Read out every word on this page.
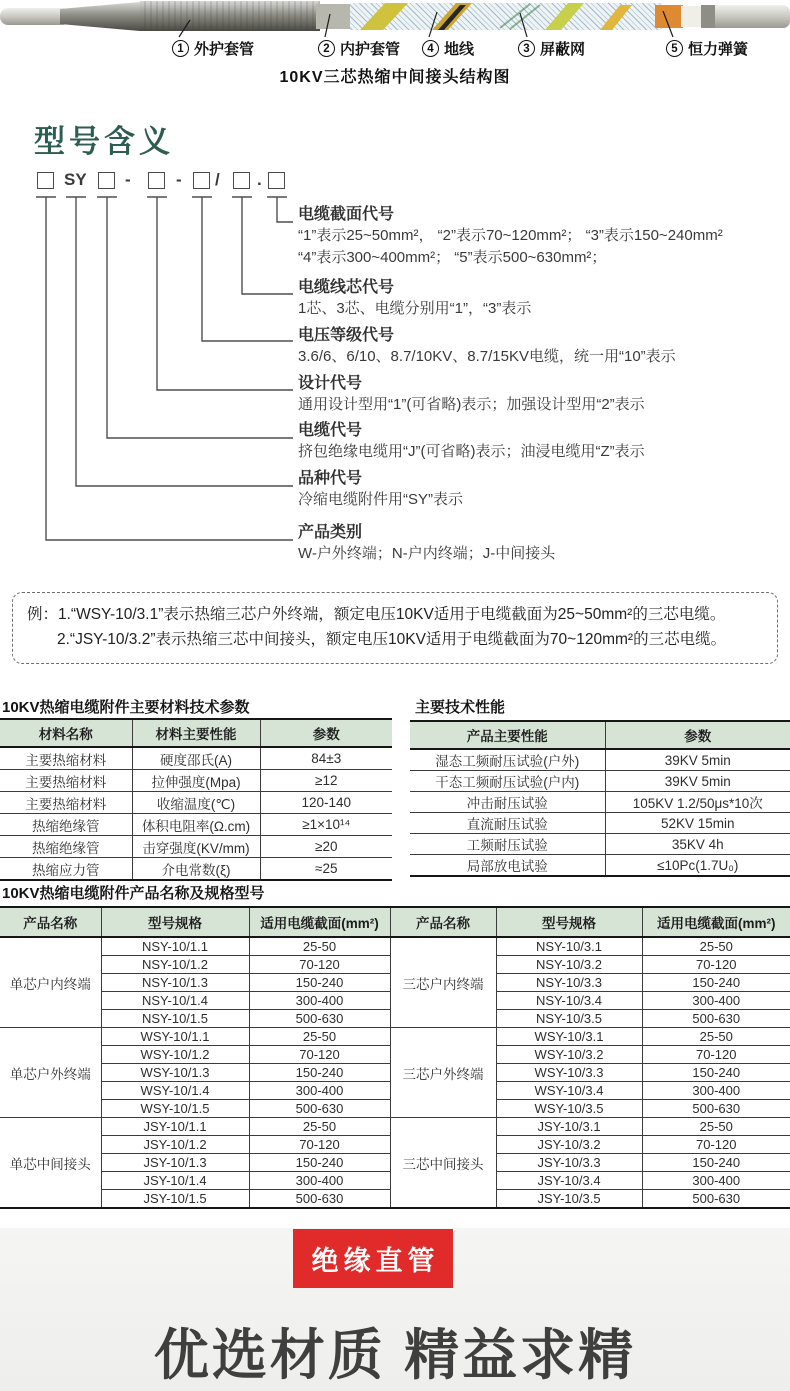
1 外护套管	2 内护套管	4 地线	3 屏蔽网	5 恒力弹簧
10KV三芯热缩中间接头结构图
型号含义
SY -	- / .
电缆截面代号
“1”表示25~50mm²， “2”表示70~120mm²； “3”表示150~240mm²
“4”表示300~400mm²； “5”表示500~630mm²；
电缆线芯代号
1芯、3芯、电缆分别用“1”，“3”表示
电压等级代号
3.6/6、6/10、8.7/10KV、8.7/15KV电缆，统一用“10”表示
设计代号
通用设计型用“1”(可省略)表示；加强设计型用“2”表示
电缆代号
挤包绝缘电缆用“J”(可省略)表示；油浸电缆用“Z”表示
品种代号
冷缩电缆附件用“SY”表示
产品类别
W-户外终端；N-户内终端；J-中间接头
例：1.“WSY-10/3.1”表示热缩三芯户外终端，额定电压10KV适用于电缆截面为25~50mm²的三芯电缆。
2.“JSY-10/3.2”表示热缩三芯中间接头，额定电压10KV适用于电缆截面为70~120mm²的三芯电缆。
10KV热缩电缆附件主要材料技术参数
材料名称	材料主要性能	参数
主要热缩材料	硬度邵氏(A)	84±3
主要热缩材料	拉伸强度(Mpa)	≥12
主要热缩材料	收缩温度(℃)	120-140
热缩绝缘管	体积电阻率(Ω.cm)	≥1×10¹⁴
热缩绝缘管	击穿强度(KV/mm)	≥20
热缩应力管	介电常数(ξ)	≈25
主要技术性能
产品主要性能	参数
湿态工频耐压试验(户外)	39KV 5min
干态工频耐压试验(户内)	39KV 5min
冲击耐压试验	105KV 1.2/50μs*10次
直流耐压试验	52KV 15min
工频耐压试验	35KV 4h
局部放电试验	≤10Pc(1.7U₀)
10KV热缩电缆附件产品名称及规格型号
产品名称	型号规格	适用电缆截面(mm²)	产品名称	型号规格	适用电缆截面(mm²)
单芯户内终端	NSY-10/1.1	25-50	三芯户内终端	NSY-10/3.1	25-50
	NSY-10/1.2	70-120		NSY-10/3.2	70-120
	NSY-10/1.3	150-240		NSY-10/3.3	150-240
	NSY-10/1.4	300-400		NSY-10/3.4	300-400
	NSY-10/1.5	500-630		NSY-10/3.5	500-630
单芯户外终端	WSY-10/1.1	25-50	三芯户外终端	WSY-10/3.1	25-50
	WSY-10/1.2	70-120		WSY-10/3.2	70-120
	WSY-10/1.3	150-240		WSY-10/3.3	150-240
	WSY-10/1.4	300-400		WSY-10/3.4	300-400
	WSY-10/1.5	500-630		WSY-10/3.5	500-630
单芯中间接头	JSY-10/1.1	25-50	三芯中间接头	JSY-10/3.1	25-50
	JSY-10/1.2	70-120		JSY-10/3.2	70-120
	JSY-10/1.3	150-240		JSY-10/3.3	150-240
	JSY-10/1.4	300-400		JSY-10/3.4	300-400
	JSY-10/1.5	500-630		JSY-10/3.5	500-630
绝缘直管
优选材质 精益求精
